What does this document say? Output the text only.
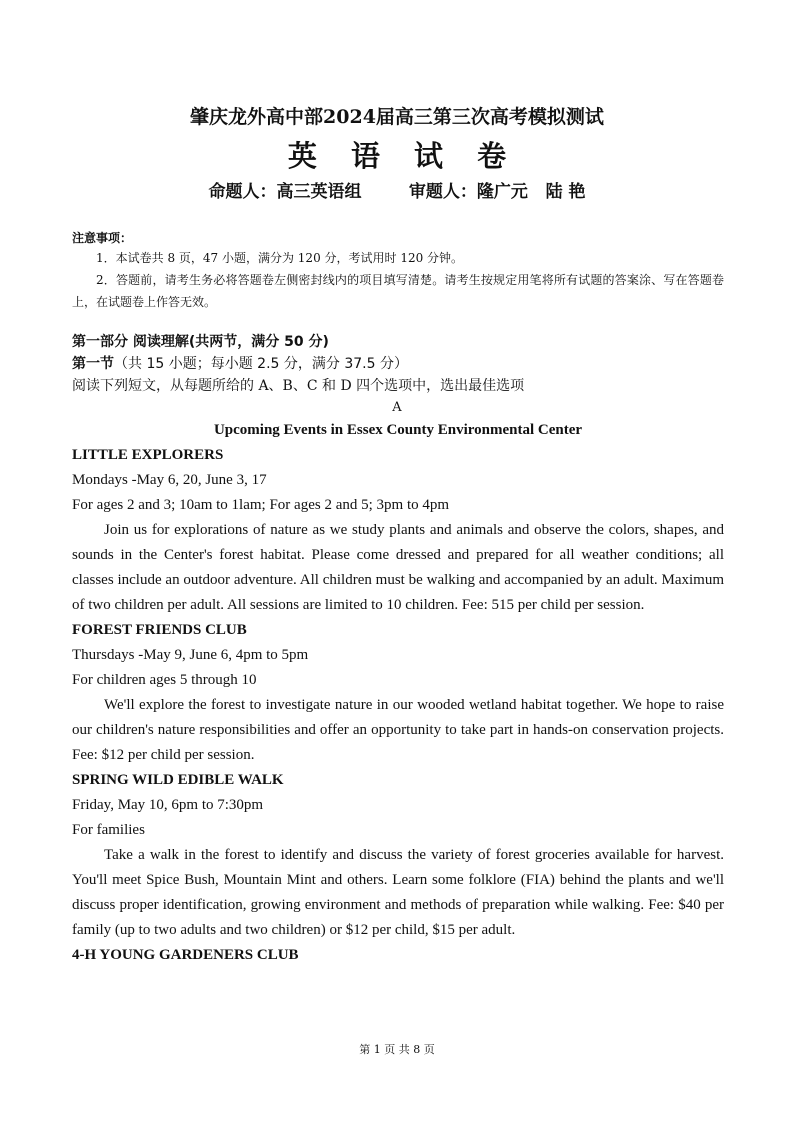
肇庆龙外高中部2024届高三第三次高考模拟测试
英 语 试 卷
命题人：高三英语组	审题人：隆广元   陆 艳
注意事项：

1．本试卷共 8 页，47 小题，满分为 120 分，考试用时 120 分钟。

2．答题前，请考生务必将答题卷左侧密封线内的项目填写清楚。请考生按规定用笔将所有试题的答案涂、写在答题卷上，在试题卷上作答无效。

第一部分 阅读理解(共两节，满分 50 分)
第一节（共 15 小题；每小题 2.5 分，满分 37.5 分）
阅读下列短文，从每题所给的 A、B、C 和 D 四个选项中，选出最佳选项
A
Upcoming Events in Essex County Environmental Center
LITTLE EXPLORERS
Mondays -May 6, 20, June 3, 17
For ages 2 and 3; 10am to 1lam; For ages 2 and 5; 3pm to 4pm
Join us for explorations of nature as we study plants and animals and observe the colors, shapes, and sounds in the Center's forest habitat. Please come dressed and prepared for all weather conditions; all classes include an outdoor adventure. All children must be walking and accompanied by an adult. Maximum of two children per adult. All sessions are limited to 10 children. Fee: 515 per child per session.
FOREST FRIENDS CLUB
Thursdays -May 9, June 6, 4pm to 5pm
For children ages 5 through 10
We'll explore the forest to investigate nature in our wooded wetland habitat together. We hope to raise our children's nature responsibilities and offer an opportunity to take part in hands-on conservation projects. Fee: $12 per child per session.
SPRING WILD EDIBLE WALK
Friday, May 10, 6pm to 7:30pm
For families
Take a walk in the forest to identify and discuss the variety of forest groceries available for harvest. You'll meet Spice Bush, Mountain Mint and others. Learn some folklore (FIA) behind the plants and we'll discuss proper identification, growing environment and methods of preparation while walking. Fee: $40 per family (up to two adults and two children) or $12 per child, $15 per adult.
4-H YOUNG GARDENERS CLUB
第 1 页 共 8 页
